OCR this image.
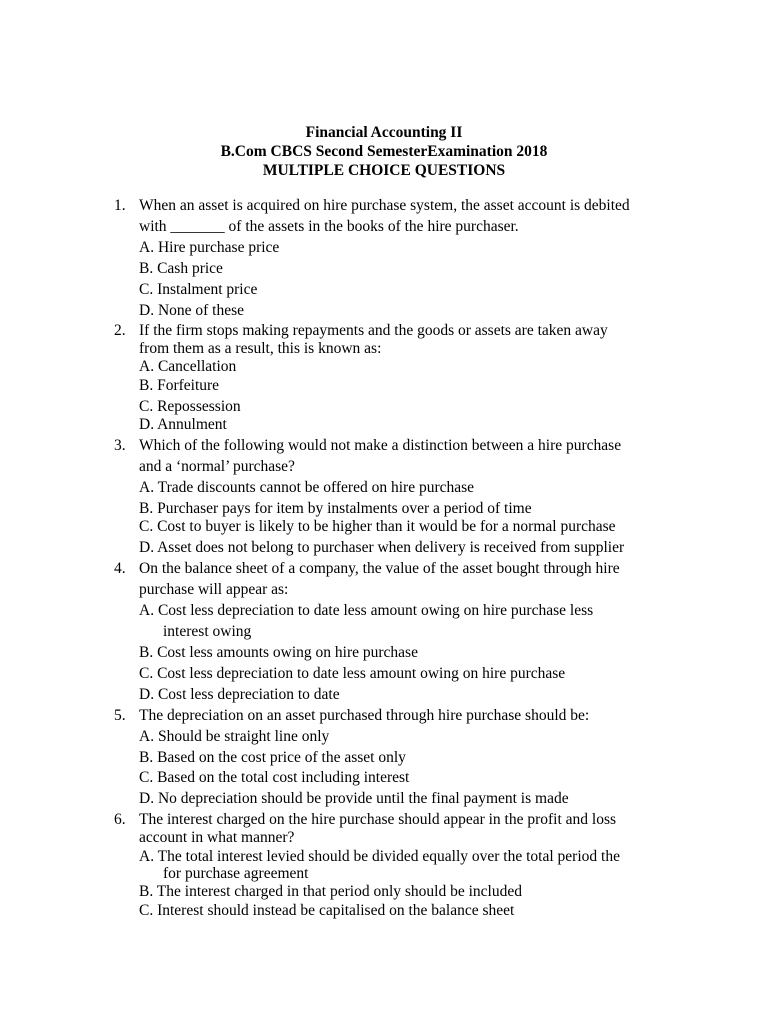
Financial Accounting II
B.Com CBCS Second SemesterExamination 2018
MULTIPLE CHOICE QUESTIONS
1. When an asset is acquired on hire purchase system, the asset account is debited
with _______ of the assets in the books of the hire purchaser.
A. Hire purchase price
B. Cash price
C. Instalment price
D. None of these
2. If the firm stops making repayments and the goods or assets are taken away
from them as a result, this is known as:
A. Cancellation
B. Forfeiture
C. Repossession
D. Annulment
3. Which of the following would not make a distinction between a hire purchase
and a ‘normal’ purchase?
A. Trade discounts cannot be offered on hire purchase
B. Purchaser pays for item by instalments over a period of time
C. Cost to buyer is likely to be higher than it would be for a normal purchase
D. Asset does not belong to purchaser when delivery is received from supplier
4. On the balance sheet of a company, the value of the asset bought through hire
purchase will appear as:
A. Cost less depreciation to date less amount owing on hire purchase less
interest owing
B. Cost less amounts owing on hire purchase
C. Cost less depreciation to date less amount owing on hire purchase
D. Cost less depreciation to date
5. The depreciation on an asset purchased through hire purchase should be:
A. Should be straight line only
B. Based on the cost price of the asset only
C. Based on the total cost including interest
D. No depreciation should be provide until the final payment is made
6. The interest charged on the hire purchase should appear in the profit and loss
account in what manner?
A. The total interest levied should be divided equally over the total period the
for purchase agreement
B. The interest charged in that period only should be included
C. Interest should instead be capitalised on the balance sheet
